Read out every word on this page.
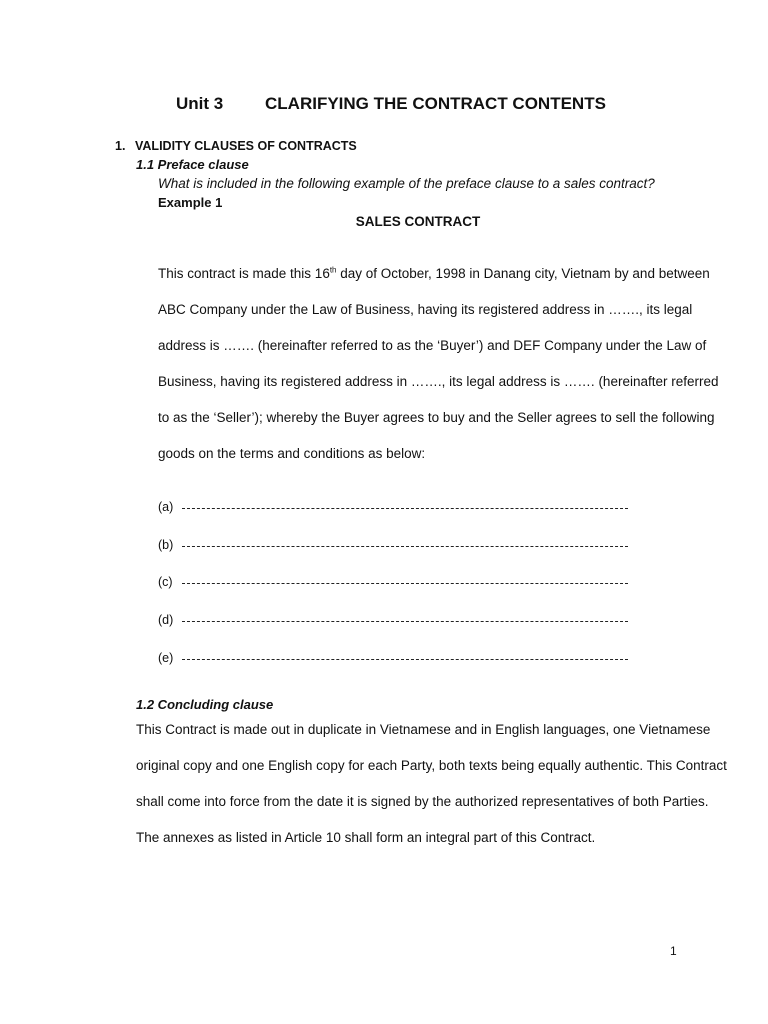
Unit 3 CLARIFYING THE CONTRACT CONTENTS
1. VALIDITY CLAUSES OF CONTRACTS
1.1 Preface clause
What is included in the following example of the preface clause to a sales contract?
Example 1
SALES CONTRACT
This contract is made this 16th day of October, 1998 in Danang city, Vietnam by and between
ABC Company under the Law of Business, having its registered address in ……., its legal
address is ……. (hereinafter referred to as the ‘Buyer’) and DEF Company under the Law of
Business, having its registered address in ……., its legal address is ……. (hereinafter referred
to as the ‘Seller’); whereby the Buyer agrees to buy and the Seller agrees to sell the following
goods on the terms and conditions as below:
(a)
(b)
(c)
(d)
(e)
1.2 Concluding clause
This Contract is made out in duplicate in Vietnamese and in English languages, one Vietnamese
original copy and one English copy for each Party, both texts being equally authentic. This Contract
shall come into force from the date it is signed by the authorized representatives of both Parties.
The annexes as listed in Article 10 shall form an integral part of this Contract.
1
